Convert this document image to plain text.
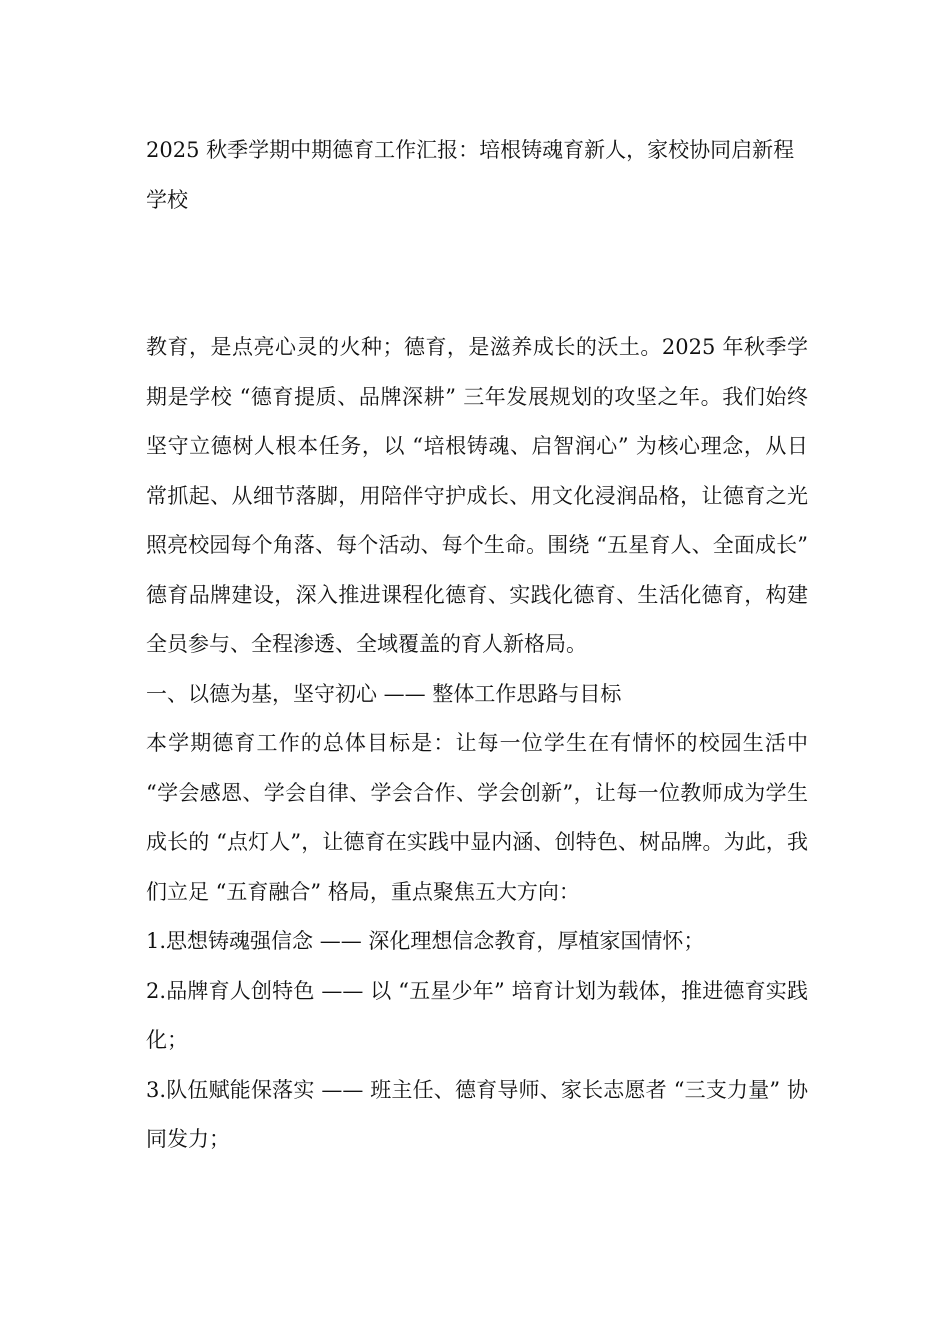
2025 秋季学期中期德育工作汇报：培根铸魂育新人，家校协同启新程学校

教育，是点亮心灵的火种；德育，是滋养成长的沃土。2025 年秋季学期是学校 “德育提质、品牌深耕” 三年发展规划的攻坚之年。我们始终坚守立德树人根本任务，以 “培根铸魂、启智润心” 为核心理念，从日常抓起、从细节落脚，用陪伴守护成长、用文化浸润品格，让德育之光照亮校园每个角落、每个活动、每个生命。围绕 “五星育人、全面成长” 德育品牌建设，深入推进课程化德育、实践化德育、生活化德育，构建全员参与、全程渗透、全域覆盖的育人新格局。

一、以德为基，坚守初心 —— 整体工作思路与目标

本学期德育工作的总体目标是：让每一位学生在有情怀的校园生活中 “学会感恩、学会自律、学会合作、学会创新”，让每一位教师成为学生成长的 “点灯人”，让德育在实践中显内涵、创特色、树品牌。为此，我们立足 “五育融合” 格局，重点聚焦五大方向：

1.思想铸魂强信念 —— 深化理想信念教育，厚植家国情怀；

2.品牌育人创特色 —— 以 “五星少年” 培育计划为载体，推进德育实践化；

3.队伍赋能保落实 —— 班主任、德育导师、家长志愿者 “三支力量” 协同发力；
